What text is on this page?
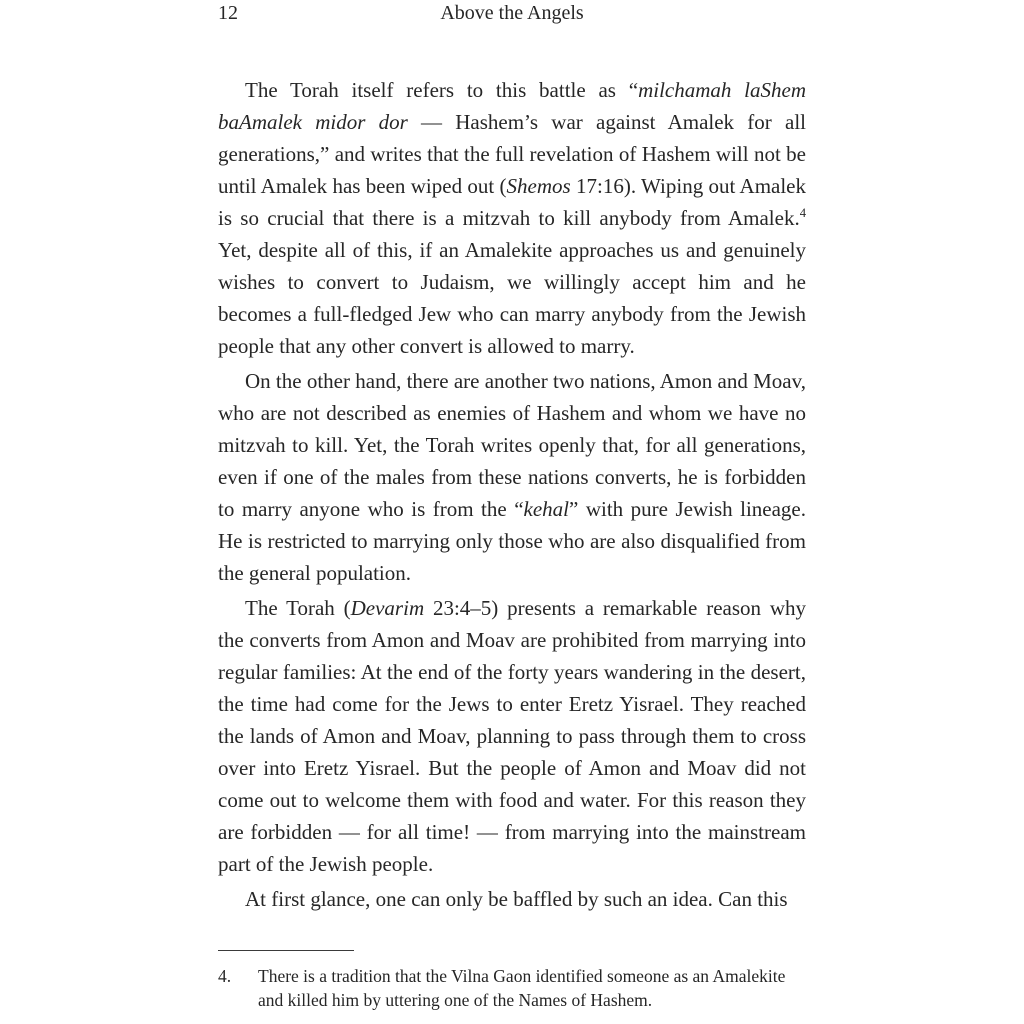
12	Above the Angels

The Torah itself refers to this battle as “milchamah laShem baAmalek midor dor — Hashem’s war against Amalek for all generations,” and writes that the full revelation of Hashem will not be until Amalek has been wiped out (Shemos 17:16). Wiping out Amalek is so crucial that there is a mitzvah to kill anybody from Amalek.$^4$ Yet, despite all of this, if an Amalekite approaches us and genuinely wishes to convert to Judaism, we willingly accept him and he becomes a full-fledged Jew who can marry anybody from the Jewish people that any other convert is allowed to marry.

On the other hand, there are another two nations, Amon and Moav, who are not described as enemies of Hashem and whom we have no mitzvah to kill. Yet, the Torah writes openly that, for all generations, even if one of the males from these nations converts, he is forbidden to marry anyone who is from the “kehal” with pure Jewish lineage. He is restricted to marrying only those who are also disqualified from the general population.

The Torah (Devarim 23:4–5) presents a remarkable reason why the converts from Amon and Moav are prohibited from marrying into regular families: At the end of the forty years wandering in the desert, the time had come for the Jews to enter Eretz Yisrael. They reached the lands of Amon and Moav, planning to pass through them to cross over into Eretz Yisrael. But the people of Amon and Moav did not come out to welcome them with food and water. For this reason they are forbidden — for all time! — from marrying into the mainstream part of the Jewish people.

At first glance, one can only be baffled by such an idea. Can this

4.	There is a tradition that the Vilna Gaon identified someone as an Amalekite and killed him by uttering one of the Names of Hashem.
